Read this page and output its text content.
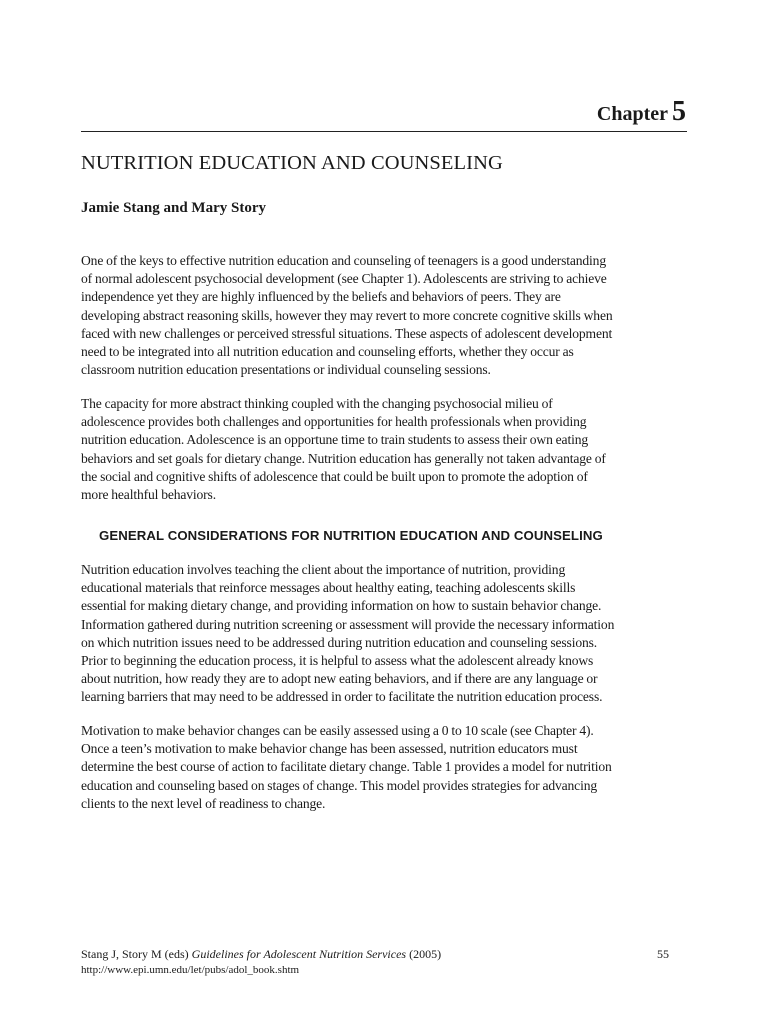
Chapter 5
NUTRITION EDUCATION AND COUNSELING
Jamie Stang and Mary Story

One of the keys to effective nutrition education and counseling of teenagers is a good understanding
of normal adolescent psychosocial development (see Chapter 1). Adolescents are striving to achieve
independence yet they are highly influenced by the beliefs and behaviors of peers. They are
developing abstract reasoning skills, however they may revert to more concrete cognitive skills when
faced with new challenges or perceived stressful situations. These aspects of adolescent development
need to be integrated into all nutrition education and counseling efforts, whether they occur as
classroom nutrition education presentations or individual counseling sessions.

The capacity for more abstract thinking coupled with the changing psychosocial milieu of
adolescence provides both challenges and opportunities for health professionals when providing
nutrition education. Adolescence is an opportune time to train students to assess their own eating
behaviors and set goals for dietary change. Nutrition education has generally not taken advantage of
the social and cognitive shifts of adolescence that could be built upon to promote the adoption of
more healthful behaviors.

GENERAL CONSIDERATIONS FOR NUTRITION EDUCATION AND COUNSELING

Nutrition education involves teaching the client about the importance of nutrition, providing
educational materials that reinforce messages about healthy eating, teaching adolescents skills
essential for making dietary change, and providing information on how to sustain behavior change.
Information gathered during nutrition screening or assessment will provide the necessary information
on which nutrition issues need to be addressed during nutrition education and counseling sessions.
Prior to beginning the education process, it is helpful to assess what the adolescent already knows
about nutrition, how ready they are to adopt new eating behaviors, and if there are any language or
learning barriers that may need to be addressed in order to facilitate the nutrition education process.

Motivation to make behavior changes can be easily assessed using a 0 to 10 scale (see Chapter 4).
Once a teen’s motivation to make behavior change has been assessed, nutrition educators must
determine the best course of action to facilitate dietary change. Table 1 provides a model for nutrition
education and counseling based on stages of change. This model provides strategies for advancing
clients to the next level of readiness to change.

Stang J, Story M (eds) Guidelines for Adolescent Nutrition Services (2005)	55
http://www.epi.umn.edu/let/pubs/adol_book.shtm
